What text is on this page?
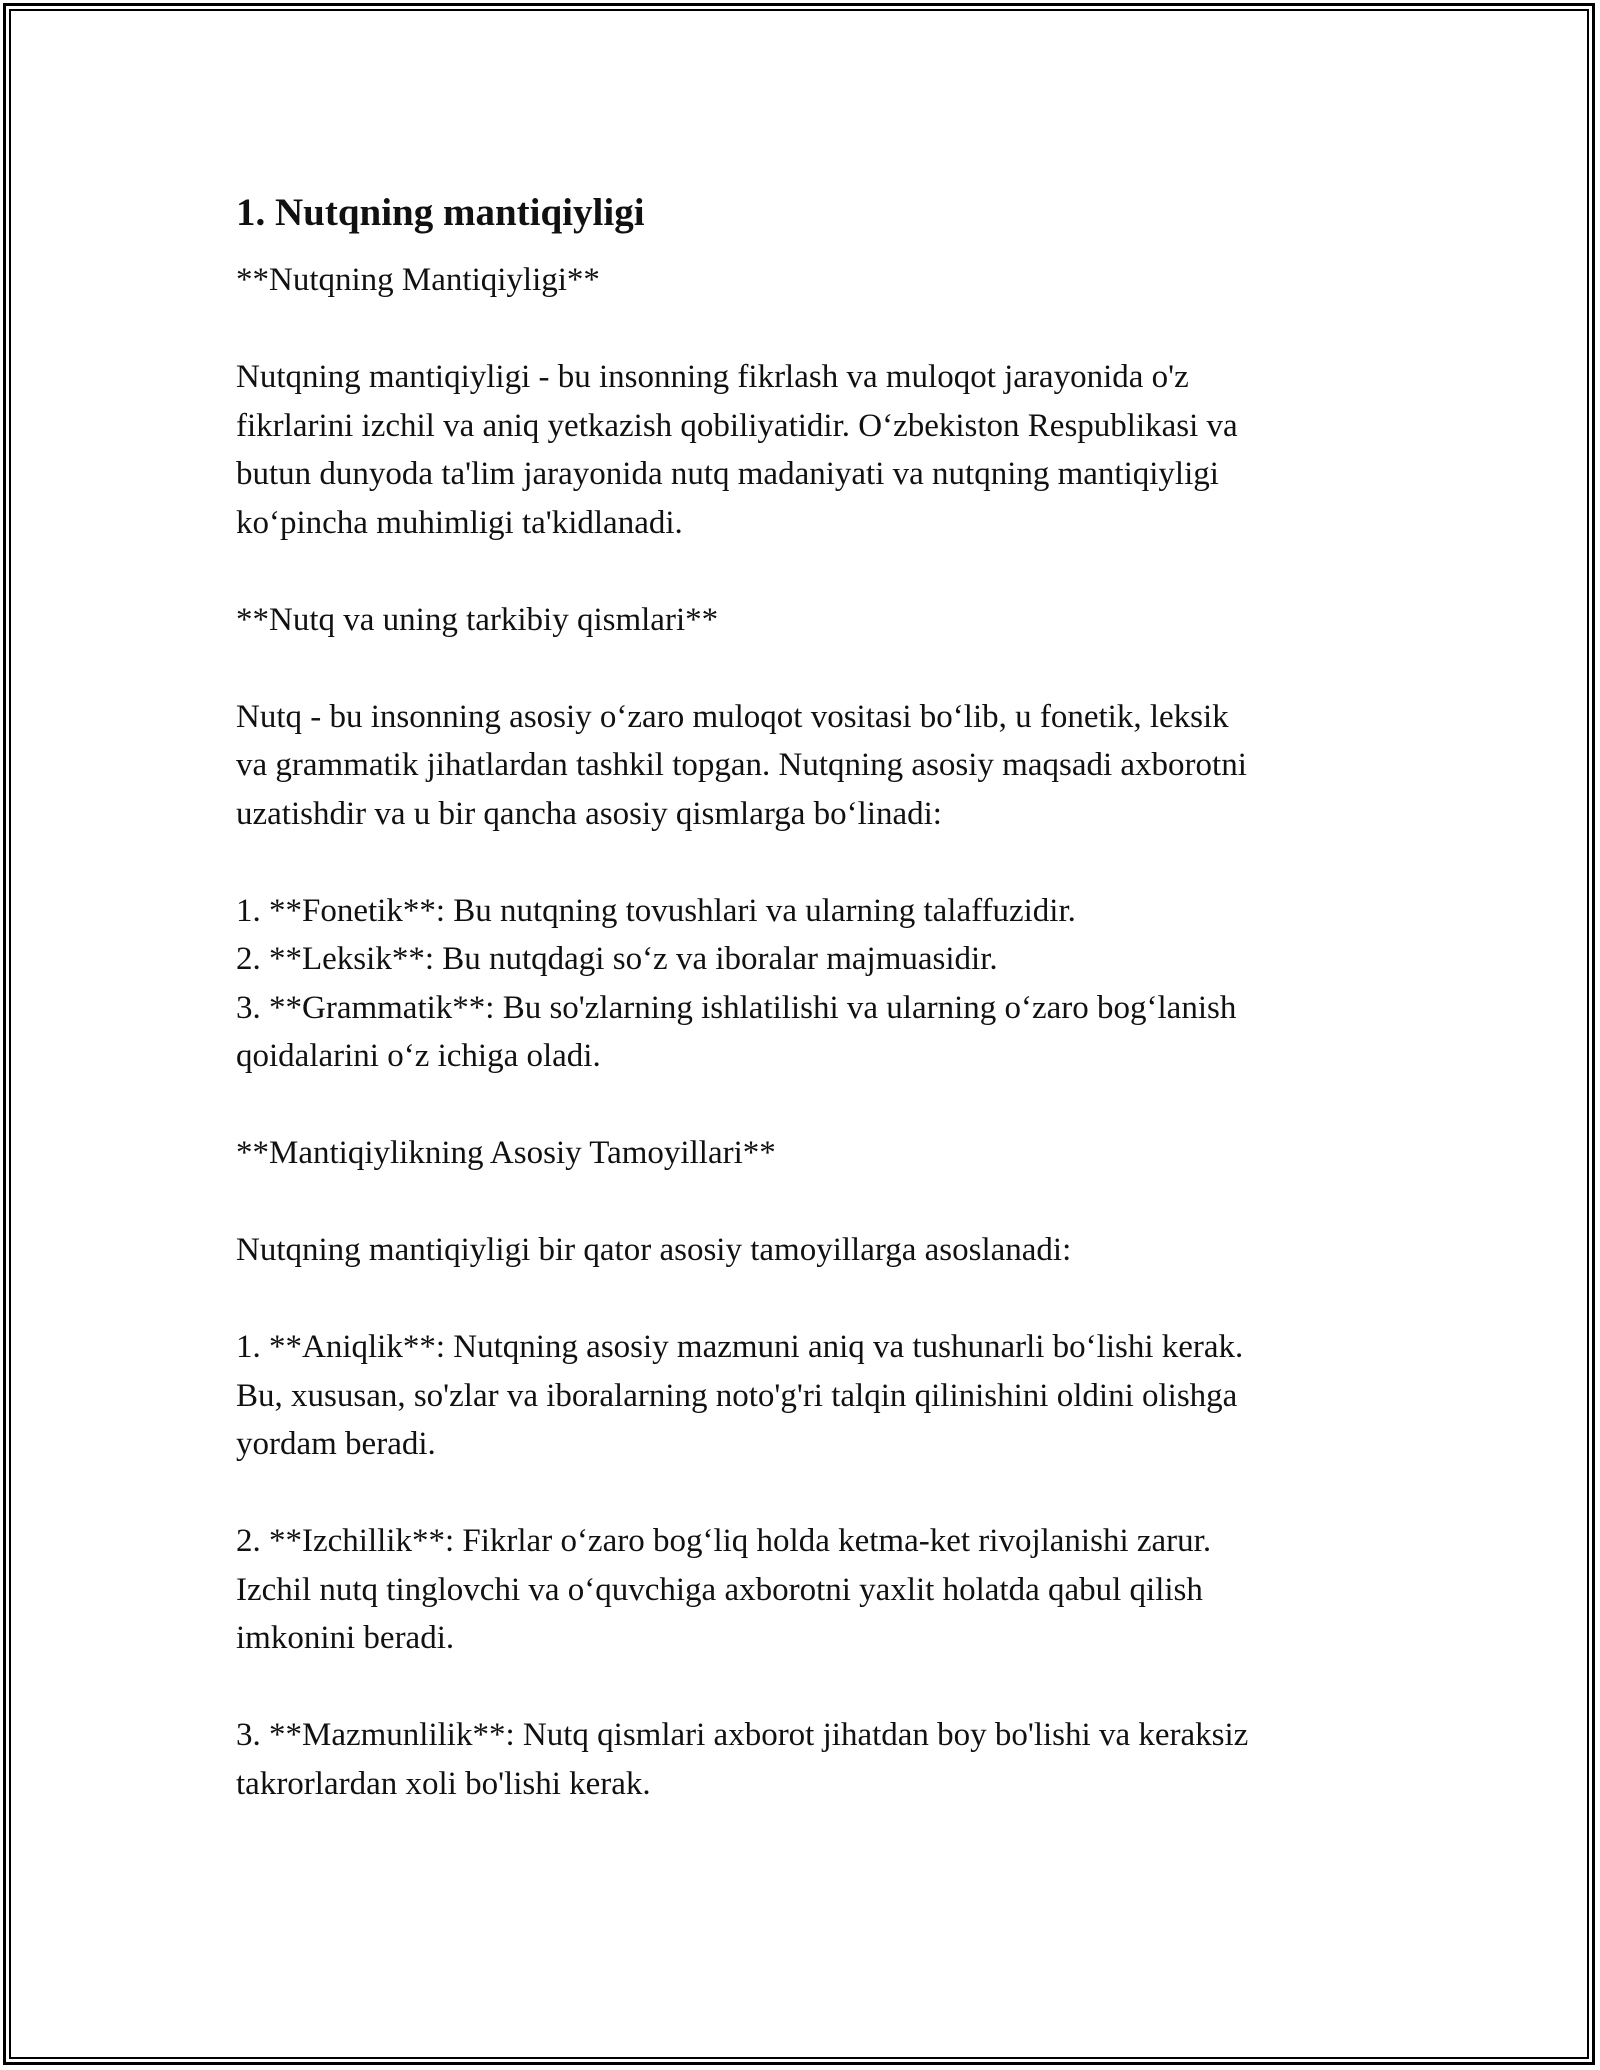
1. Nutqning mantiqiyligi
**Nutqning Mantiqiyligi**
Nutqning mantiqiyligi - bu insonning fikrlash va muloqot jarayonida o'z
fikrlarini izchil va aniq yetkazish qobiliyatidir. O‘zbekiston Respublikasi va
butun dunyoda ta'lim jarayonida nutq madaniyati va nutqning mantiqiyligi
ko‘pincha muhimligi ta'kidlanadi.
**Nutq va uning tarkibiy qismlari**
Nutq - bu insonning asosiy o‘zaro muloqot vositasi bo‘lib, u fonetik, leksik
va grammatik jihatlardan tashkil topgan. Nutqning asosiy maqsadi axborotni
uzatishdir va u bir qancha asosiy qismlarga bo‘linadi:
1. **Fonetik**: Bu nutqning tovushlari va ularning talaffuzidir.
2. **Leksik**: Bu nutqdagi so‘z va iboralar majmuasidir.
3. **Grammatik**: Bu so'zlarning ishlatilishi va ularning o‘zaro bog‘lanish
qoidalarini o‘z ichiga oladi.
**Mantiqiylikning Asosiy Tamoyillari**
Nutqning mantiqiyligi bir qator asosiy tamoyillarga asoslanadi:
1. **Aniqlik**: Nutqning asosiy mazmuni aniq va tushunarli bo‘lishi kerak.
Bu, xususan, so'zlar va iboralarning noto'g'ri talqin qilinishini oldini olishga
yordam beradi.
2. **Izchillik**: Fikrlar o‘zaro bog‘liq holda ketma-ket rivojlanishi zarur.
Izchil nutq tinglovchi va o‘quvchiga axborotni yaxlit holatda qabul qilish
imkonini beradi.
3. **Mazmunlilik**: Nutq qismlari axborot jihatdan boy bo'lishi va keraksiz
takrorlardan xoli bo'lishi kerak.
